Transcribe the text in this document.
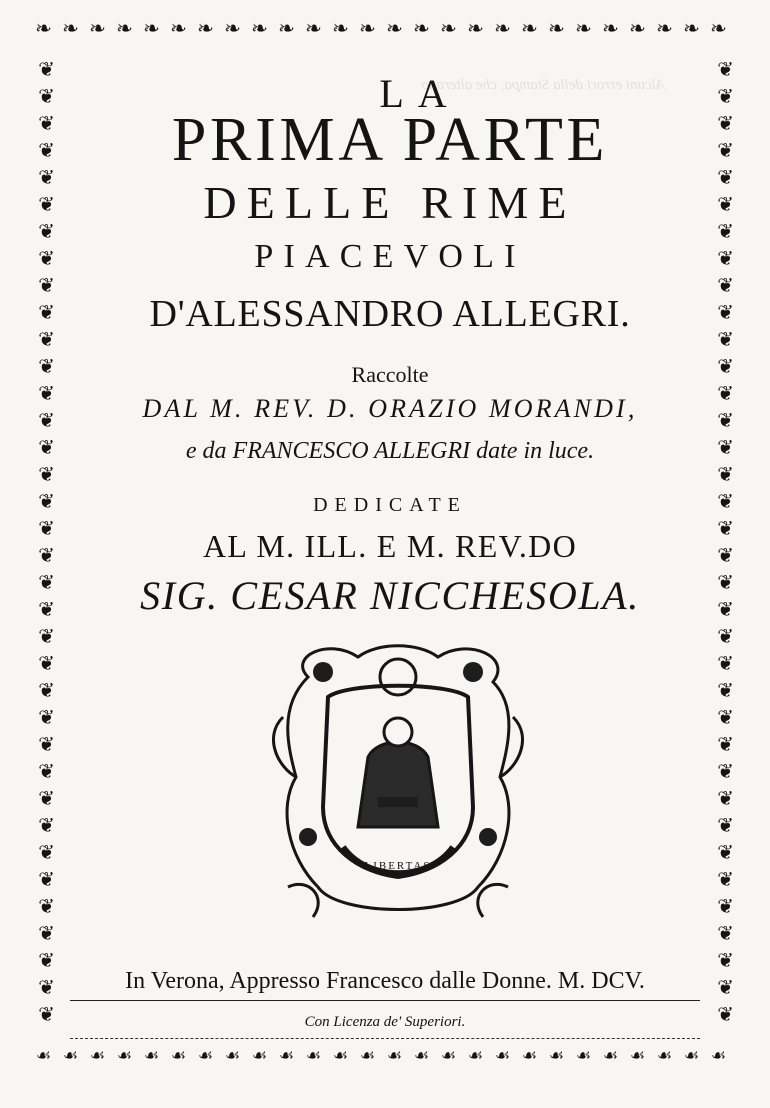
Alcuni errori della Stampa, che alterano
❧ ❧ ❧ ❧ ❧ ❧ ❧ ❧ ❧ ❧ ❧ ❧ ❧ ❧ ❧ ❧ ❧ ❧ ❧ ❧ ❧ ❧ ❧ ❧ ❧ ❧
❦
❦
❦
❦
❦
❦
❦
❦
❦
❦
❦
❦
❦
❦
❦
❦
❦
❦
❦
❦
❦
❦
❦
❦
❦
❦
❦
❦
❦
❦
❦
❦
❦
❦
❦
❦
❦
❦
❦
❦
❦
❦
❦
❦
❦
❦
❦
❦
❦
❦
❦
❦
❦
❦
❦
❦
❦
❦
❦
❦
❦
❦
❦
❦
❦
❦
❦
❦
❦
❦
❦
❦
☙ ☙ ☙ ☙ ☙ ☙ ☙ ☙ ☙ ☙ ☙ ☙ ☙ ☙ ☙ ☙ ☙ ☙ ☙ ☙ ☙ ☙ ☙ ☙ ☙ ☙
LA
PRIMA PARTE
DELLE RIME
PIACEVOLI
D'ALESSANDRO ALLEGRI.
Raccolte
DAL M. REV. D. ORAZIO MORANDI,
e da FRANCESCO ALLEGRI date in luce.
DEDICATE
AL M. ILL. E M. REV.DO
SIG. CESAR NICCHESOLA.
LIBERTAS
In Verona, Appresso Francesco dalle Donne. M. DCV.
Con Licenza de' Superiori.
